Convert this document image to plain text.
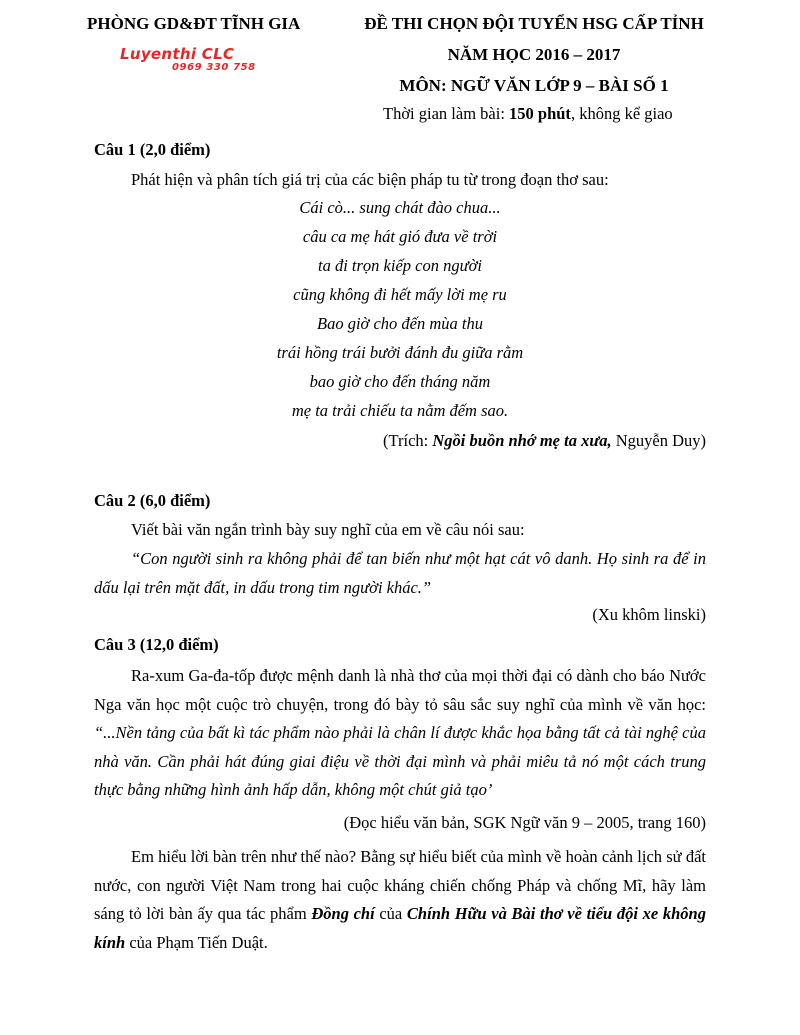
PHÒNG GD&ĐT TĨNH GIA
Luyenthi CLC
0969 330 758
ĐỀ THI CHỌN ĐỘI TUYỂN HSG CẤP TỈNH
NĂM HỌC 2016 – 2017
MÔN: NGỮ VĂN LỚP 9 – BÀI SỐ 1
Thời gian làm bài: 150 phút, không kể giao
Câu 1 (2,0 điểm)
Phát hiện và phân tích giá trị của các biện pháp tu từ trong đoạn thơ sau:
Cái cò... sung chát đào chua...
câu ca mẹ hát gió đưa về trời
ta đi trọn kiếp con người
cũng không đi hết mấy lời mẹ ru
Bao giờ cho đến mùa thu
trái hồng trái bưởi đánh đu giữa rằm
bao giờ cho đến tháng năm
mẹ ta trải chiếu ta nằm đếm sao.
(Trích: Ngồi buồn nhớ mẹ ta xưa, Nguyễn Duy)
Câu 2 (6,0 điểm)
Viết bài văn ngắn trình bày suy nghĩ của em về câu nói sau:
“Con người sinh ra không phải để tan biến như một hạt cát vô danh. Họ sinh ra để in dấu lại trên mặt đất, in dấu trong tim người khác.”
(Xu khôm linski)
Câu 3 (12,0 điểm)
Ra-xum Ga-đa-tốp được mệnh danh là nhà thơ của mọi thời đại có dành cho báo Nước Nga văn học một cuộc trò chuyện, trong đó bày tỏ sâu sắc suy nghĩ của mình về văn học: “...Nền tảng của bất kì tác phẩm nào phải là chân lí được khắc họa bằng tất cả tài nghệ của nhà văn. Cần phải hát đúng giai điệu về thời đại mình và phải miêu tả nó một cách trung thực bằng những hình ảnh hấp dẫn, không một chút giả tạo’
(Đọc hiểu văn bản, SGK Ngữ văn 9 – 2005, trang 160)
Em hiểu lời bàn trên như thế nào? Bằng sự hiểu biết của mình về hoàn cảnh lịch sử đất nước, con người Việt Nam trong hai cuộc kháng chiến chống Pháp và chống Mĩ, hãy làm sáng tỏ lời bàn ấy qua tác phẩm Đồng chí của Chính Hữu và Bài thơ về tiểu đội xe không kính của Phạm Tiến Duật.
